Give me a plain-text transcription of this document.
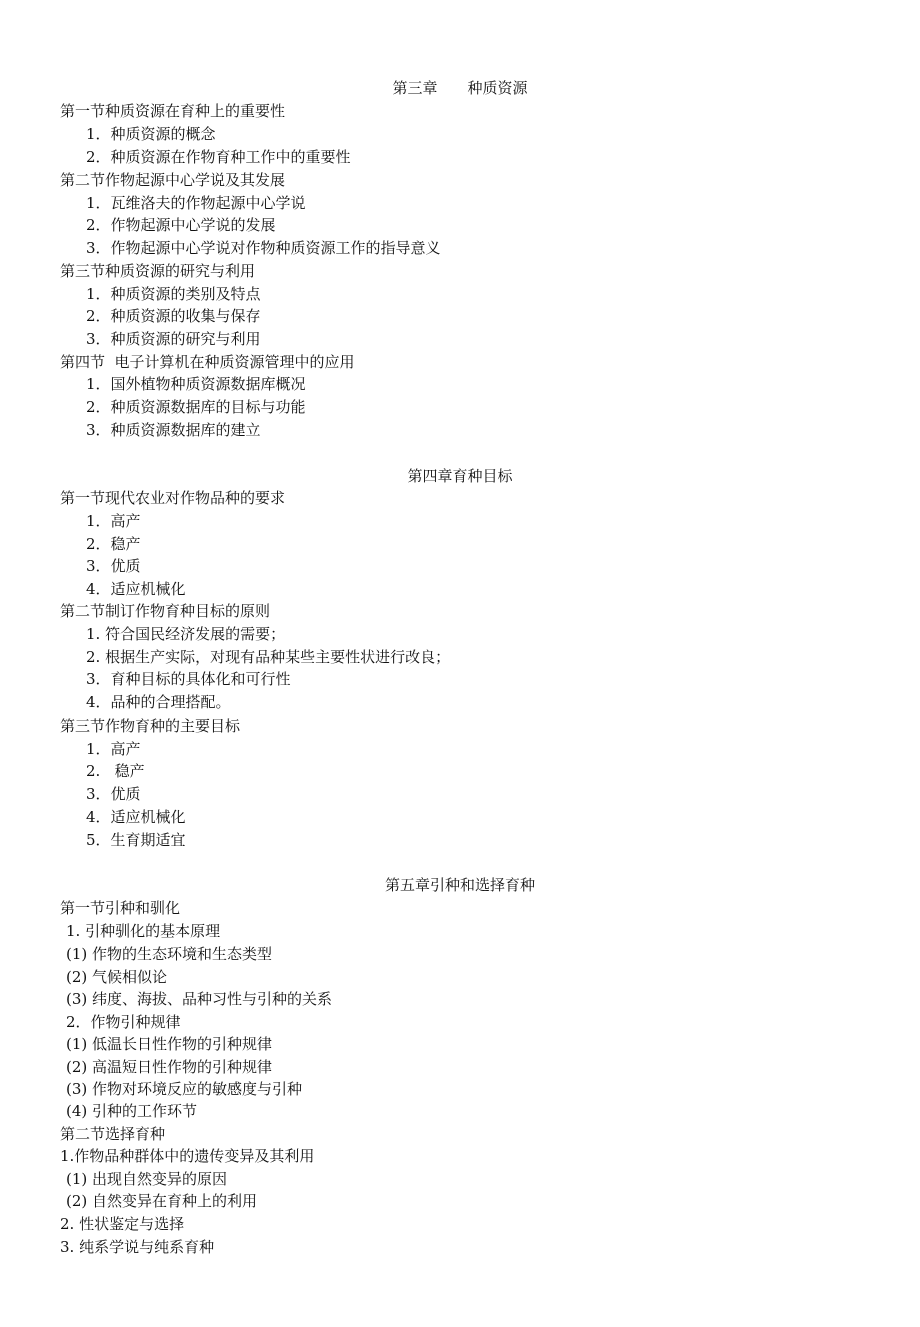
第三章　　种质资源
第一节种质资源在育种上的重要性
1．种质资源的概念
2．种质资源在作物育种工作中的重要性
第二节作物起源中心学说及其发展
1．瓦维洛夫的作物起源中心学说
2．作物起源中心学说的发展
3．作物起源中心学说对作物种质资源工作的指导意义
第三节种质资源的研究与利用
1．种质资源的类别及特点
2．种质资源的收集与保存
3．种质资源的研究与利用
第四节  电子计算机在种质资源管理中的应用
1．国外植物种质资源数据库概况
2．种质资源数据库的目标与功能
3．种质资源数据库的建立
第四章育种目标
第一节现代农业对作物品种的要求
1．高产
2．稳产
3．优质
4．适应机械化
第二节制订作物育种目标的原则
1. 符合国民经济发展的需要；
2. 根据生产实际，对现有品种某些主要性状进行改良；
3．育种目标的具体化和可行性
4．品种的合理搭配。
第三节作物育种的主要目标
1．高产
2.   稳产
3．优质
4．适应机械化
5．生育期适宜
第五章引种和选择育种
第一节引种和驯化
1. 引种驯化的基本原理
(1) 作物的生态环境和生态类型
(2) 气候相似论
(3) 纬度、海拔、品种习性与引种的关系
2．作物引种规律
(1) 低温长日性作物的引种规律
(2) 高温短日性作物的引种规律
(3) 作物对环境反应的敏感度与引种
(4) 引种的工作环节
第二节选择育种
1.作物品种群体中的遗传变异及其利用
(1) 出现自然变异的原因
(2) 自然变异在育种上的利用
2. 性状鉴定与选择
3. 纯系学说与纯系育种
